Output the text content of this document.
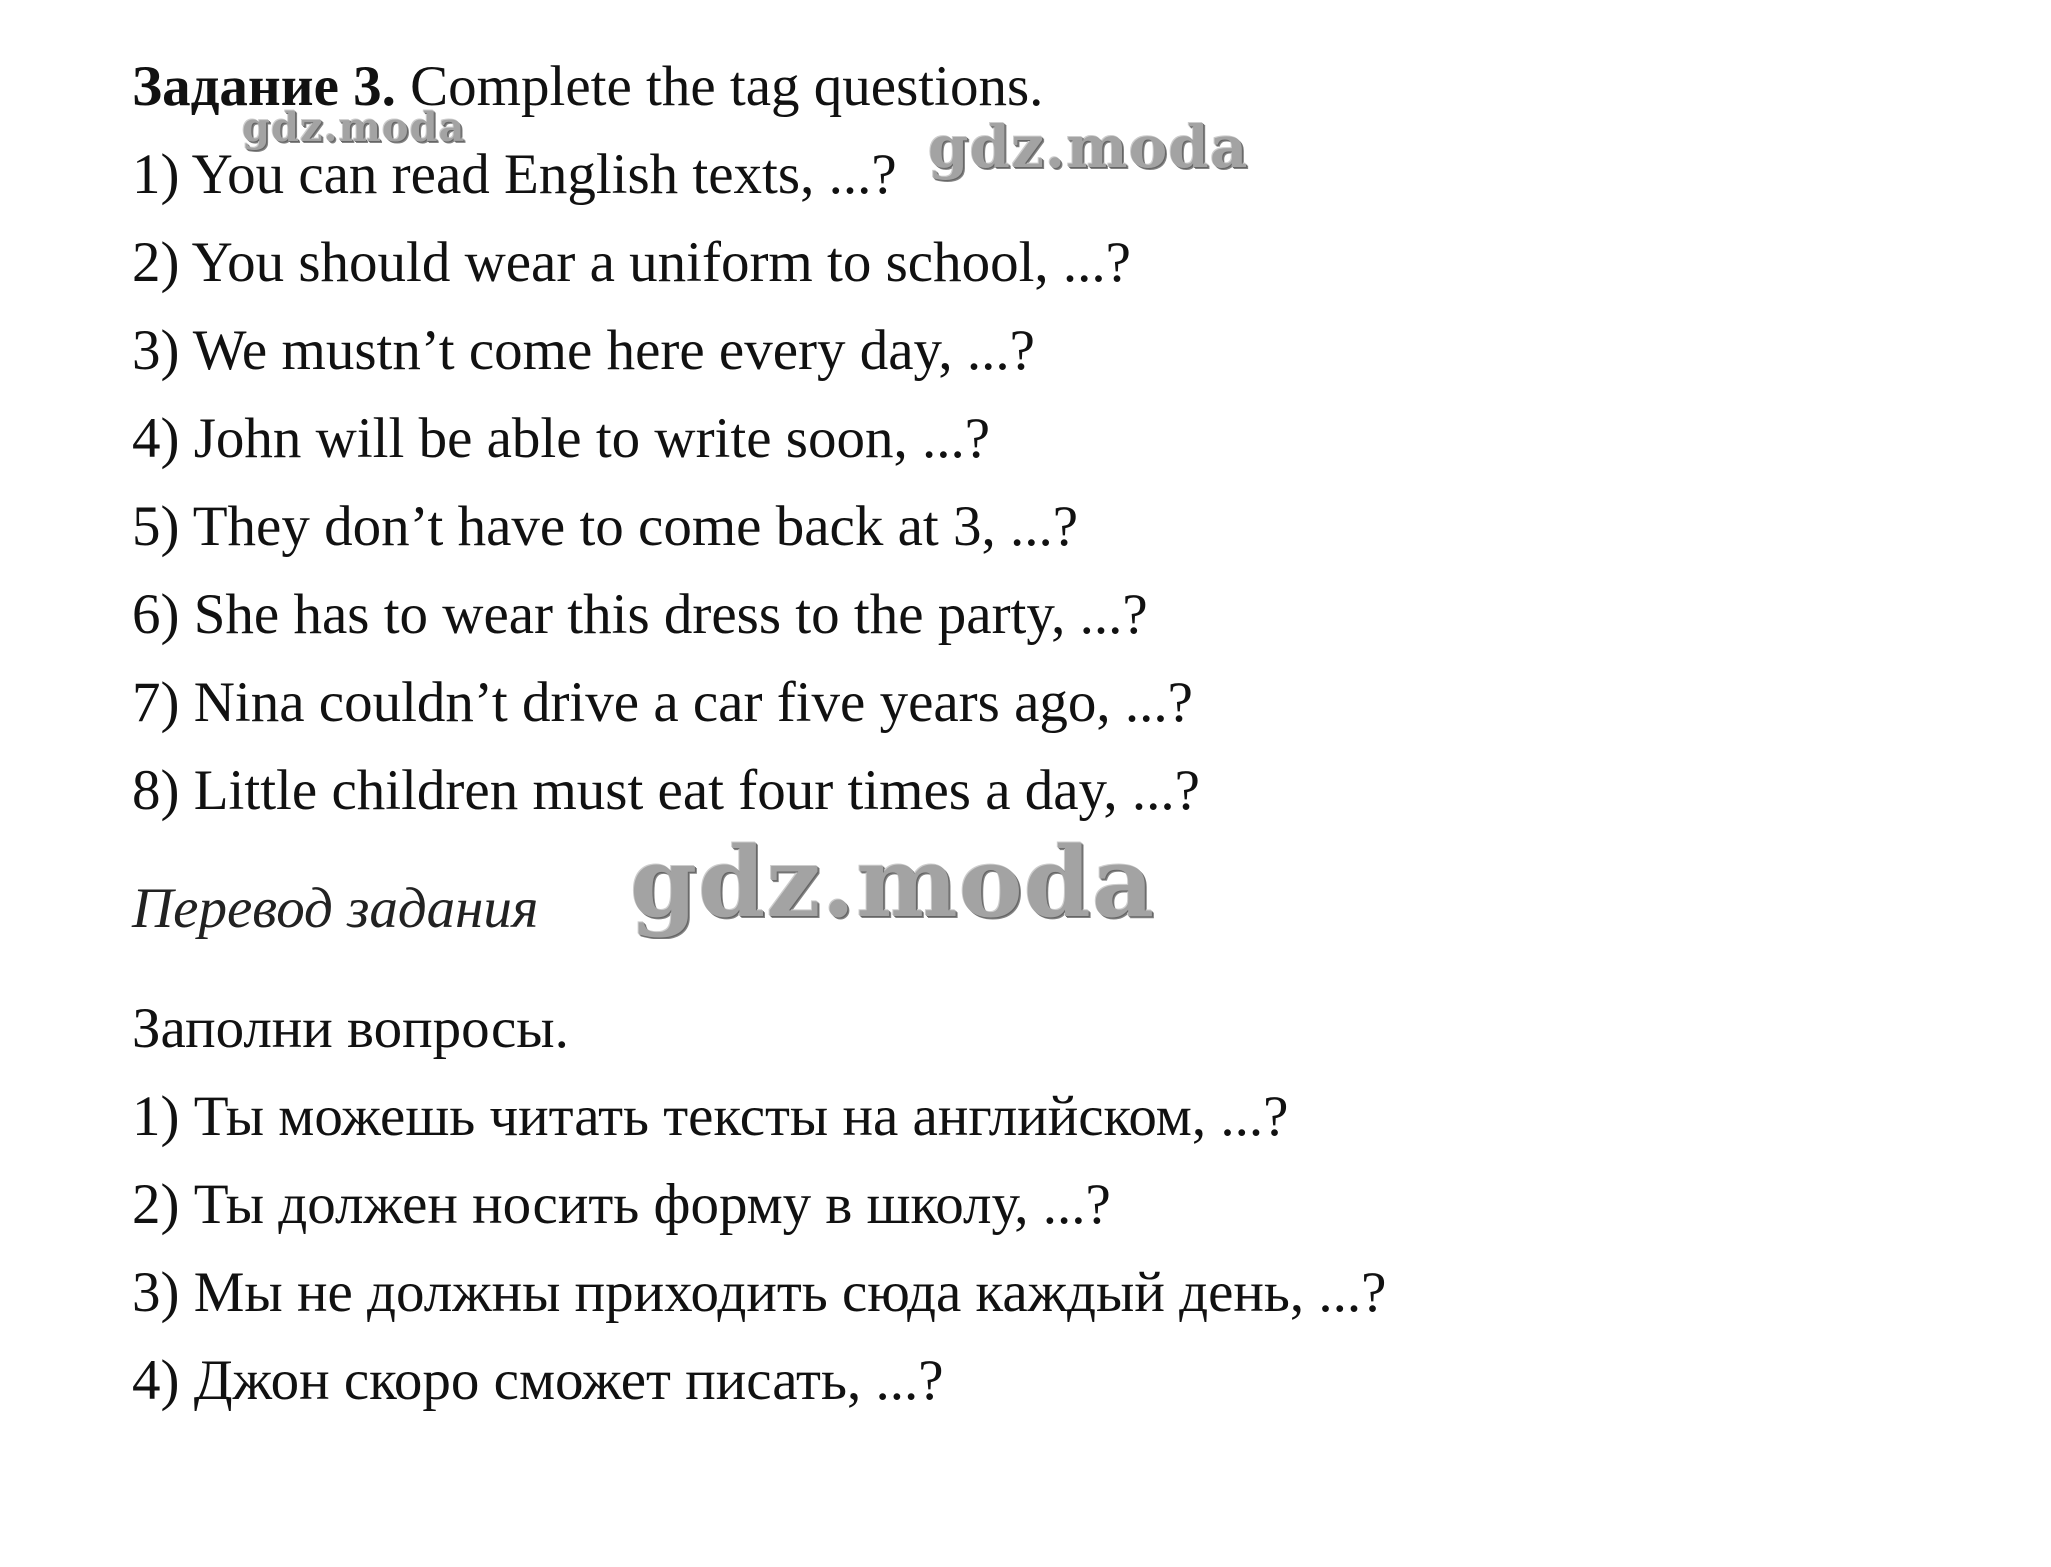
Задание 3. Complete the tag questions.
1) You can read English texts, ...?
2) You should wear a uniform to school, ...?
3) We mustn’t come here every day, ...?
4) John will be able to write soon, ...?
5) They don’t have to come back at 3, ...?
6) She has to wear this dress to the party, ...?
7) Nina couldn’t drive a car five years ago, ...?
8) Little children must eat four times a day, ...?
Перевод задания
Заполни вопросы.
1) Ты можешь читать тексты на английском, ...?
2) Ты должен носить форму в школу, ...?
3) Мы не должны приходить сюда каждый день, ...?
4) Джон скоро сможет писать, ...?
gdz.moda	gdz.moda
gdz.moda
